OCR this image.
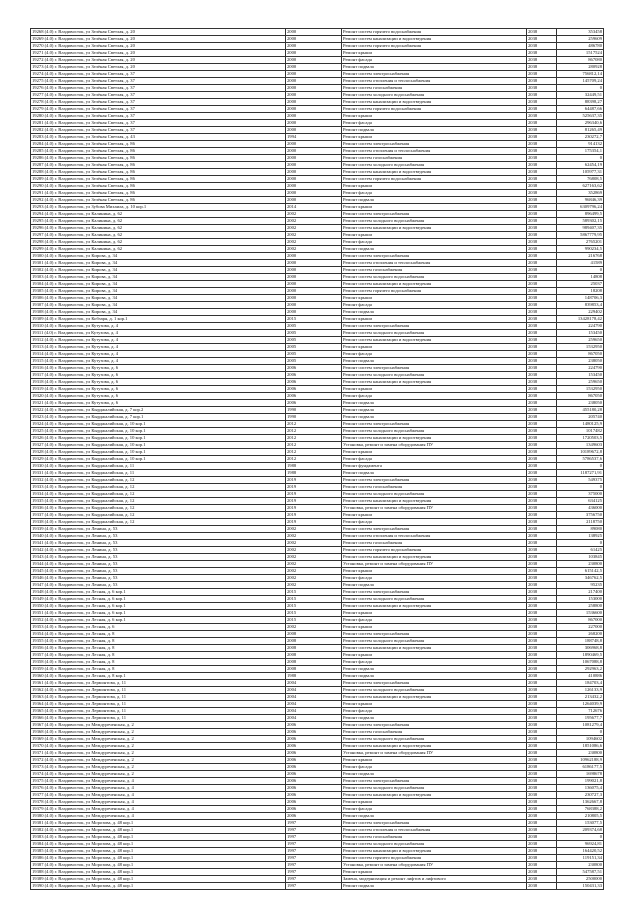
19268 (4.0) г. Владивосток, ул Зелёная Светлая, д. 20	2000	Ремонт систем горячего водоснабжения	2038	353458
19269 (4.0) г. Владивосток, ул Зелёная Светлая, д. 20	2000	Ремонт систем канализации и водоотведения	2038	259609
19270 (4.0) г. Владивосток, ул Зелёная Светлая, д. 20	2000	Ремонт систем горячего водоснабжения	2038	486780
19271 (4.0) г. Владивосток, ул Зелёная Светлая, д. 20	2000	Ремонт крыши	2038	1517524
19272 (4.0) г. Владивосток, ул Зелёная Светлая, д. 20	2000	Ремонт фасада	2038	867080
19273 (4.0) г. Владивосток, ул Зелёная Светлая, д. 20	2000	Ремонт подвала	2038	280928
19274 (4.0) г. Владивосток, ул Зелёная Светлая, д. 37	2000	Ремонт систем электроснабжения	2038	756812,14
19275 (4.0) г. Владивосток, ул Зелёная Светлая, д. 37	2000	Ремонт систем отопления и теплоснабжения	2038	145709,24
19276 (4.0) г. Владивосток, ул Зелёная Светлая, д. 37	2000	Ремонт систем газоснабжения	2038	0
19277 (4.0) г. Владивосток, ул Зелёная Светлая, д. 37	2000	Ремонт систем холодного водоснабжения	2038	32449,51
19278 (4.0) г. Владивосток, ул Зелёная Светлая, д. 37	2000	Ремонт систем канализации и водоотведения	2038	88398,27
19279 (4.0) г. Владивосток, ул Зелёная Светлая, д. 37	2000	Ремонт систем горячего водоснабжения	2038	64487,66
19280 (4.0) г. Владивосток, ул Зелёная Светлая, д. 37	2000	Ремонт крыши	2038	525637,35
19281 (4.0) г. Владивосток, ул Зелёная Светлая, д. 37	2000	Ремонт фасада	2038	296340,6
19282 (4.0) г. Владивосток, ул Зелёная Светлая, д. 37	2000	Ремонт подвала	2038	81265,49
19283 (4.0) г. Владивосток, ул Зелёная Светлая, д. 43	1994	Ремонт крыши	2038	230272,7
19284 (4.0) г. Владивосток, ул Зелёная Светлая, д. 86	2000	Ремонт систем электроснабжения	2038	914132
19285 (4.0) г. Владивосток, ул Зелёная Светлая, д. 86	2000	Ремонт систем отопления и теплоснабжения	2038	175354,1
19286 (4.0) г. Владивосток, ул Зелёная Светлая, д. 86	2000	Ремонт систем газоснабжения	2038	0
19287 (4.0) г. Владивосток, ул Зелёная Светлая, д. 86	2000	Ремонт систем холодного водоснабжения	2038	62454,19
19288 (4.0) г. Владивосток, ул Зелёная Светлая, д. 86	2000	Ремонт систем канализации и водоотведения	2038	105977,31
19289 (4.0) г. Владивосток, ул Зелёная Светлая, д. 86	2000	Ремонт систем горячего водоснабжения	2038	76808,5
19290 (4.0) г. Владивосток, ул Зелёная Светлая, д. 86	2000	Ремонт крыши	2038	627163,62
19291 (4.0) г. Владивосток, ул Зелёная Светлая, д. 86	2000	Ремонт фасада	2038	352869
19292 (4.0) г. Владивосток, ул Зелёная Светлая, д. 86	2000	Ремонт подвала	2038	96846,39
19293 (4.0) г. Владивосток, ул Зубова Михаила, д. 10 кор.1	2014	Ремонт крыши	2038	6309796,24
19294 (4.0) г. Владивосток, ул Калинина, д. 62	2002	Ремонт систем электроснабжения	2038	896499,5
19295 (4.0) г. Владивосток, ул Калинина, д. 62	2002	Ремонт систем холодного водоснабжения	2038	589302,15
19296 (4.0) г. Владивосток, ул Калинина, д. 62	2002	Ремонт систем канализации и водоотведения	2038	989407,35
19297 (4.0) г. Владивосток, ул Калинина, д. 62	2002	Ремонт крыши	2038	5867779,95
19298 (4.0) г. Владивосток, ул Калинина, д. 62	2002	Ремонт фасада	2038	2765201
19299 (4.0) г. Владивосток, ул Калинина, д. 62	2002	Ремонт подвала	2038	990234,5
19300 (4.0) г. Владивосток, ул Кирова, д. 34	2000	Ремонт систем электроснабжения	2038	216768
19301 (4.0) г. Владивосток, ул Кирова, д. 34	2000	Ремонт систем отопления и теплоснабжения	2038	41589
19302 (4.0) г. Владивосток, ул Кирова, д. 34	2000	Ремонт систем газоснабжения	2038	0
19303 (4.0) г. Владивосток, ул Кирова, д. 34	2000	Ремонт систем холодного водоснабжения	2038	14808
19304 (4.0) г. Владивосток, ул Кирова, д. 34	2000	Ремонт систем канализации и водоотведения	2038	25037
19305 (4.0) г. Владивосток, ул Кирова, д. 34	2000	Ремонт систем горячего водоснабжения	2038	18208
19306 (4.0) г. Владивосток, ул Кирова, д. 34	2000	Ремонт крыши	2038	148706,3
19307 (4.0) г. Владивосток, ул Кирова, д. 34	2000	Ремонт фасада	2038	839853,4
19308 (4.0) г. Владивосток, ул Кирова, д. 34	2000	Ремонт подвала	2038	229402
19309 (4.0) г. Владивосток, ул Кобзаря, д. 1 кор.1	2015	Ремонт крыши	2038	13428178,42
19310 (4.0) г. Владивосток, ул Кутузова, д. 4	2005	Ремонт систем электроснабжения	2038	224790
19311 (4.0) г. Владивосток, ул Кутузова, д. 4	2005	Ремонт систем холодного водоснабжения	2038	153450
19312 (4.0) г. Владивосток, ул Кутузова, д. 4	2005	Ремонт систем канализации и водоотведения	2038	259650
19313 (4.0) г. Владивосток, ул Кутузова, д. 4	2005	Ремонт крыши	2038	1532950
19314 (4.0) г. Владивосток, ул Кутузова, д. 4	2005	Ремонт фасада	2038	867050
19315 (4.0) г. Владивосток, ул Кутузова, д. 4	2005	Ремонт подвала	2038	238050
19316 (4.0) г. Владивосток, ул Кутузова, д. 6	2006	Ремонт систем электроснабжения	2038	224790
19317 (4.0) г. Владивосток, ул Кутузова, д. 6	2006	Ремонт систем холодного водоснабжения	2038	153450
19318 (4.0) г. Владивосток, ул Кутузова, д. 6	2006	Ремонт систем канализации и водоотведения	2038	259650
19319 (4.0) г. Владивосток, ул Кутузова, д. 6	2006	Ремонт крыши	2038	1532950
19320 (4.0) г. Владивосток, ул Кутузова, д. 6	2006	Ремонт фасада	2038	867050
19321 (4.0) г. Владивосток, ул Кутузова, д. 6	2006	Ремонт подвала	2038	238050
19322 (4.0) г. Владивосток, ул Кырджалийская, д. 7 кор.2	1990	Ремонт подвала	2038	455180,28
19323 (4.0) г. Владивосток, ул Кырджалийская, д. 7 кор.1	1990	Ремонт подвала	2038	205740
19324 (4.0) г. Владивосток, ул Кырджалийская, д. 10 кор.1	2012	Ремонт систем электроснабжения	2038	1480125,9
19325 (4.0) г. Владивосток, ул Кырджалийская, д. 10 кор.1	2012	Ремонт систем холодного водоснабжения	2038	1017482
19326 (4.0) г. Владивосток, ул Кырджалийская, д. 10 кор.1	2012	Ремонт систем канализации и водоотведения	2038	1720503,5
19327 (4.0) г. Владивосток, ул Кырджалийская, д. 10 кор.1	2012	Установка, ремонт и замена оборудования ПУ	2038	1349603
19328 (4.0) г. Владивосток, ул Кырджалийская, д. 10 кор.1	2012	Ремонт крыши	2038	10189672,8
19329 (4.0) г. Владивосток, ул Кырджалийская, д. 10 кор.1	2012	Ремонт фасада	2038	5786537,6
19330 (4.0) г. Владивосток, ул Кырджалийская, д. 11	1988	Ремонт фундамента	2038	0
19331 (4.0) г. Владивосток, ул Кырджалийская, д. 11	1988	Ремонт подвала	2038	1187271,91
19332 (4.0) г. Владивосток, ул Кырджалийская, д. 12	2019	Ремонт систем электроснабжения	2038	549375
19333 (4.0) г. Владивосток, ул Кырджалийская, д. 12	2019	Ремонт систем газоснабжения	2038	0
19334 (4.0) г. Владивосток, ул Кырджалийская, д. 12	2019	Ремонт систем холодного водоснабжения	2038	375000
19335 (4.0) г. Владивосток, ул Кырджалийская, д. 12	2019	Ремонт систем канализации и водоотведения	2038	634125
19336 (4.0) г. Владивосток, ул Кырджалийская, д. 12	2019	Установка, ремонт и замена оборудования ПУ	2038	436000
19337 (4.0) г. Владивосток, ул Кырджалийская, д. 12	2019	Ремонт крыши	2038	3756750
19338 (4.0) г. Владивосток, ул Кырджалийская, д. 12	2019	Ремонт фасада	2038	2118750
19339 (4.0) г. Владивосток, ул Ленина, д. 53	2002	Ремонт систем электроснабжения	2038	89080
19340 (4.0) г. Владивосток, ул Ленина, д. 53	2002	Ремонт систем отопления и теплоснабжения	2038	138925
19341 (4.0) г. Владивосток, ул Ленина, д. 53	2002	Ремонт систем газоснабжения	2038	0
19342 (4.0) г. Владивосток, ул Ленина, д. 53	2002	Ремонт систем горячего водоснабжения	2038	61425
19343 (4.0) г. Владивосток, ул Ленина, д. 53	2002	Ремонт систем канализации и водоотведения	2038	103845
19344 (4.0) г. Владивосток, ул Ленина, д. 53	2002	Установка, ремонт и замена оборудования ПУ	2038	230800
19345 (4.0) г. Владивосток, ул Ленина, д. 53	2002	Ремонт крыши	2038	615142,5
19346 (4.0) г. Владивосток, ул Ленина, д. 53	2002	Ремонт фасада	2038	346762,5
19347 (4.0) г. Владивосток, ул Ленина, д. 53	2002	Ремонт подвала	2038	95235
19348 (4.0) г. Владивосток, ул Лесная, д. 6 кор.1	2015	Ремонт систем электроснабжения	2038	217400
19349 (4.0) г. Владивосток, ул Лесная, д. 6 кор.1	2015	Ремонт систем холодного водоснабжения	2038	153000
19350 (4.0) г. Владивосток, ул Лесная, д. 6 кор.1	2015	Ремонт систем канализации и водоотведения	2038	258800
19351 (4.0) г. Владивосток, ул Лесная, д. 6 кор.1	2015	Ремонт крыши	2038	1536600
19352 (4.0) г. Владивосток, ул Лесная, д. 6 кор.1	2015	Ремонт фасада	2038	867000
19353 (4.0) г. Владивосток, ул Лесная, д. 6	2002	Ремонт крыши	2038	227000
19354 (4.0) г. Владивосток, ул Лесная, д. 8	2008	Ремонт систем электроснабжения	2038	268200
19355 (4.0) г. Владивосток, ул Лесная, д. 8	2008	Ремонт систем холодного водоснабжения	2038	188748,8
19356 (4.0) г. Владивосток, ул Лесная, д. 8	2008	Ремонт систем канализации и водоотведения	2038	306968,8
19357 (4.0) г. Владивосток, ул Лесная, д. 8	2008	Ремонт крыши	2038	1890469,5
19358 (4.0) г. Владивосток, ул Лесная, д. 8	2008	Ремонт фасада	2038	1067088,8
19359 (4.0) г. Владивосток, ул Лесная, д. 8	2008	Ремонт подвала	2038	292963,2
19360 (4.0) г. Владивосток, ул Лесная, д. 8 кор.1	1988	Ремонт подвала	2038	410886
19361 (4.0) г. Владивосток, ул Лермонтова, д. 11	2004	Ремонт систем электроснабжения	2038	184703,4
19362 (4.0) г. Владивосток, ул Лермонтова, д. 11	2004	Ремонт систем холодного водоснабжения	2038	126133,9
19363 (4.0) г. Владивосток, ул Лермонтова, д. 11	2004	Ремонт систем канализации и водоотведения	2038	213432,2
19364 (4.0) г. Владивосток, ул Лермонтова, д. 11	2004	Ремонт крыши	2038	1264039,9
19365 (4.0) г. Владивосток, ул Лермонтова, д. 11	2004	Ремонт фасада	2038	712676
19366 (4.0) г. Владивосток, ул Лермонтова, д. 11	2004	Ремонт подвала	2038	195677,7
19367 (4.0) г. Владивосток, ул Междуреченская, д. 2	2006	Ремонт систем электроснабжения	2038	1081279,4
19368 (4.0) г. Владивосток, ул Междуреченская, д. 2	2006	Ремонт систем газоснабжения	2038	0
19369 (4.0) г. Владивосток, ул Междуреченская, д. 2	2006	Ремонт систем холодного водоснабжения	2038	1094602
19370 (4.0) г. Владивосток, ул Междуреченская, д. 2	2006	Ремонт систем канализации и водоотведения	2038	1851086,6
19371 (4.0) г. Владивосток, ул Междуреченская, д. 2	2006	Установка, ремонт и замена оборудования ПУ	2038	230800
19372 (4.0) г. Владивосток, ул Междуреченская, д. 2	2006	Ремонт крыши	2038	10962188,9
19373 (4.0) г. Владивосток, ул Междуреченская, д. 2	2006	Ремонт фасада	2038	6186177,5
19374 (4.0) г. Владивосток, ул Междуреченская, д. 2	2006	Ремонт подвала	2038	1698678
19375 (4.0) г. Владивосток, ул Междуреченская, д. 4	2006	Ремонт систем электроснабжения	2038	199021,8
19376 (4.0) г. Владивосток, ул Междуреченская, д. 4	2006	Ремонт систем холодного водоснабжения	2038	136075,4
19377 (4.0) г. Владивосток, ул Междуреченская, д. 4	2006	Ремонт систем канализации и водоотведения	2038	230727,3
19378 (4.0) г. Владивосток, ул Междуреченская, д. 4	2006	Ремонт крыши	2038	1362667,8
19379 (4.0) г. Владивосток, ул Междуреченская, д. 4	2006	Ремонт фасада	2038	768388,2
19380 (4.0) г. Владивосток, ул Междуреченская, д. 4	2006	Ремонт подвала	2038	210805,5
19381 (4.0) г. Владивосток, ул Морозова, д. 48 кор.1	1997	Ремонт систем электроснабжения	2038	153077,5
19382 (4.0) г. Владивосток, ул Морозова, д. 48 кор.1	1997	Ремонт систем отопления и теплоснабжения	2038	209374,68
19383 (4.0) г. Владивосток, ул Морозова, д. 48 кор.1	1997	Ремонт систем газоснабжения	2038	0
19384 (4.0) г. Владивосток, ул Морозова, д. 48 кор.1	1997	Ремонт систем холодного водоснабжения	2038	96924,81
19385 (4.0) г. Владивосток, ул Морозова, д. 48 кор.1	1997	Ремонт систем канализации и водоотведения	2038	164420,52
19386 (4.0) г. Владивосток, ул Морозова, д. 48 кор.1	1997	Ремонт систем горячего водоснабжения	2038	119151,34
19387 (4.0) г. Владивосток, ул Морозова, д. 48 кор.1	1997	Установка, ремонт и замена оборудования ПУ	2038	230800
19388 (4.0) г. Владивосток, ул Морозова, д. 48 кор.1	1997	Ремонт крыши	2038	547587,51
19389 (4.0) г. Владивосток, ул Морозова, д. 48 кор.1	1997	Замена, модернизация и ремонт лифтов и лифтового	2038	2500000
19390 (4.0) г. Владивосток, ул Морозова, д. 48 кор.1	1997	Ремонт подвала	2038	150431,33
